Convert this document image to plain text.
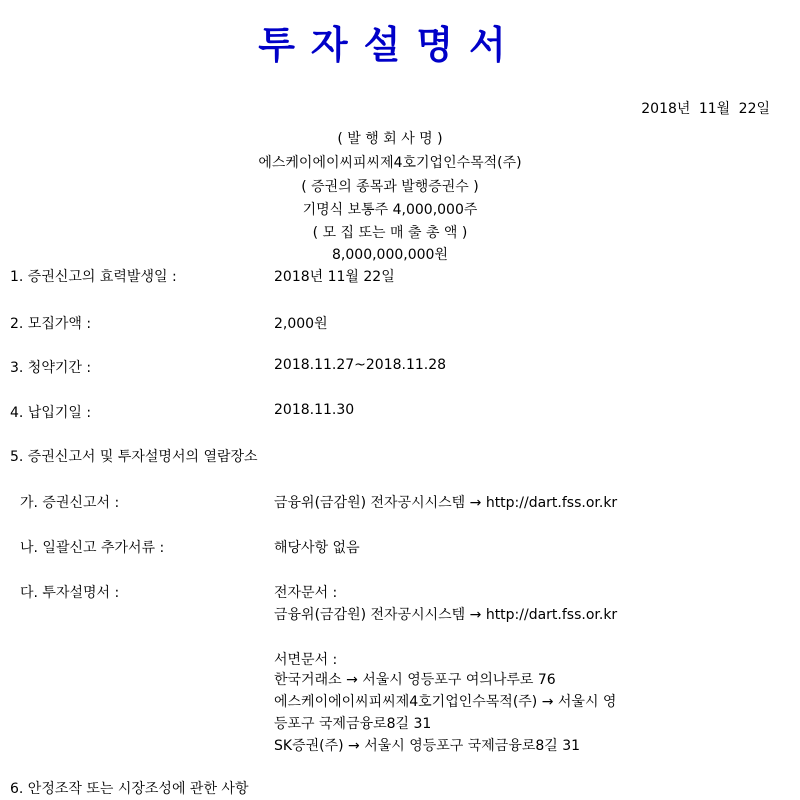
투자설명서
2018년 11월 22일
( 발 행 회 사 명 )
에스케이에이씨피씨제4호기업인수목적(주)
( 증권의 종목과 발행증권수 )
기명식 보통주 4,000,000주
( 모 집 또는 매 출 총 액 )
8,000,000,000원
1. 증권신고의 효력발생일 :	2018년 11월 22일
2. 모집가액 :	2,000원
3. 청약기간 :	2018.11.27~2018.11.28
4. 납입기일 :	2018.11.30
5. 증권신고서 및 투자설명서의 열람장소
가. 증권신고서 :	금융위(금감원) 전자공시시스템 → http://dart.fss.or.kr
나. 일괄신고 추가서류 :	해당사항 없음
다. 투자설명서 :	전자문서 :
금융위(금감원) 전자공시시스템 → http://dart.fss.or.kr
서면문서 :
한국거래소 → 서울시 영등포구 여의나루로 76
에스케이에이씨피씨제4호기업인수목적(주) → 서울시 영
등포구 국제금융로8길 31
SK증권(주) → 서울시 영등포구 국제금융로8길 31
6. 안정조작 또는 시장조성에 관한 사항
